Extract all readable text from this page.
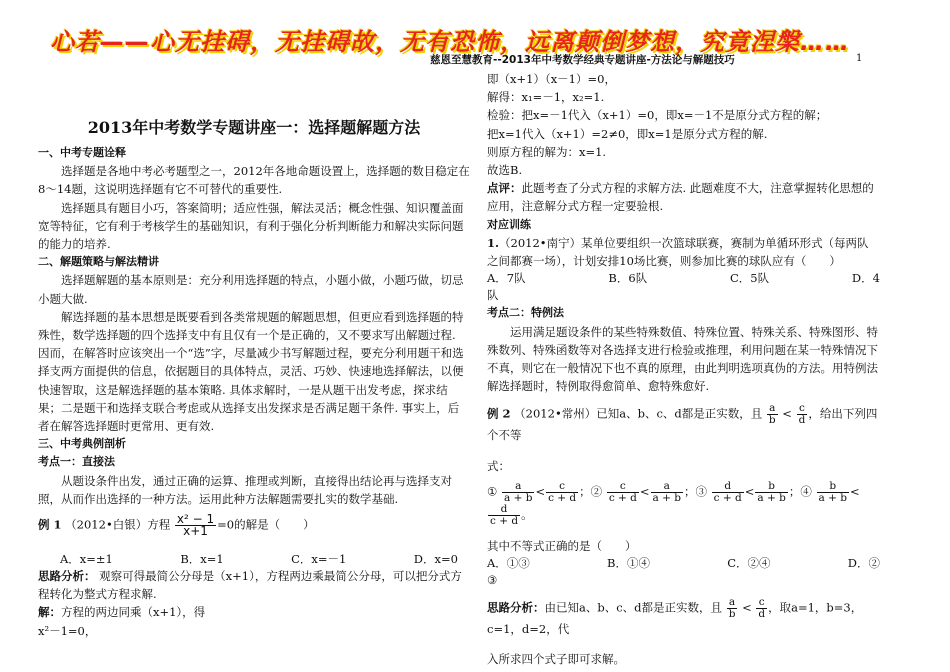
心若——心无挂碍，无挂碍故，无有恐怖，远离颠倒梦想，究竟涅槃……
慈恩至慧教育--2013年中考数学经典专题讲座-方法论与解题技巧	1
2013年中考数学专题讲座一：选择题解题方法

一、中考专题诠释

选择题是各地中考必考题型之一，2012年各地命题设置上，选择题的数目稳定在8～14题，这说明选择题有它不可替代的重要性.

选择题具有题目小巧，答案简明；适应性强，解法灵活；概念性强、知识覆盖面宽等特征，它有利于考核学生的基础知识，有利于强化分析判断能力和解决实际问题的能力的培养.

二、解题策略与解法精讲

选择题解题的基本原则是：充分利用选择题的特点，小题小做，小题巧做，切忌小题大做.

解选择题的基本思想是既要看到各类常规题的解题思想，但更应看到选择题的特殊性，数学选择题的四个选择支中有且仅有一个是正确的，又不要求写出解题过程. 因而，在解答时应该突出一个“选”字，尽量减少书写解题过程，要充分利用题干和选择支两方面提供的信息，依据题目的具体特点，灵活、巧妙、快速地选择解法，以便快速智取，这是解选择题的基本策略. 具体求解时，一是从题干出发考虑，探求结果；二是题干和选择支联合考虑或从选择支出发探求是否满足题干条件. 事实上，后者在解答选择题时更常用、更有效.

三、中考典例剖析

考点一：直接法

从题设条件出发，通过正确的运算、推理或判断，直接得出结论再与选择支对照，从而作出选择的一种方法。运用此种方法解题需要扎实的数学基础.

例 1 （2012•白银）方程 $\frac{\text{x² − 1}}{x+1} =0$的解是（　　）

A．x=±1	B．x=1	C．x=－1	D．x=0

思路分析： 观察可得最简公分母是（x+1），方程两边乘最简公分母，可以把分式方程转化为整式方程求解.

解：方程的两边同乘（x+1），得

x²－1=0，

即（x+1）（x－1）=0，

解得：x₁=－1，x₂=1.

检验：把x=－1代入（x+1）=0，即x=－1不是原分式方程的解；

把x=1代入（x+1）=2≠0，即x=1是原分式方程的解.

则原方程的解为：x=1.

故选B.

点评：此题考查了分式方程的求解方法. 此题难度不大，注意掌握转化思想的应用，注意解分式方程一定要验根.

对应训练

1.（2012•南宁）某单位要组织一次篮球联赛，赛制为单循环形式（每两队之间都赛一场），计划安排10场比赛，则参加比赛的球队应有（　　）

A．7队	B．6队	C．5队	D．4

队

考点二：特例法

运用满足题设条件的某些特殊数值、特殊位置、特殊关系、特殊图形、特殊数列、特殊函数等对各选择支进行检验或推理，利用问题在某一特殊情况下不真，则它在一般情况下也不真的原理，由此判明选项真伪的方法。用特例法解选择题时，特例取得愈简单、愈特殊愈好.

例 2 （2012•常州）已知a、b、c、d都是正实数，且 $\frac{a}{b} < \frac{c}{d}$ ，给出下列四个不等

式：

① $\frac{a}{a + b} < \frac{c}{c + d}$ ；② $\frac{c}{c + d} < \frac{a}{a + b}$ ；③ $\frac{d}{c + d} < \frac{b}{a + b}$ ；④ $\frac{b}{a + b}$ <
$\frac{d}{c + d}$ 。

其中不等式正确的是（　　）

A．①③	B．①④	C．②④	D．②

③

思路分析：由已知a、b、c、d都是正实数，且 $\frac{a}{b} < \frac{c}{d}$ ，取a=1，b=3，c=1，d=2，代

入所求四个式子即可求解。
